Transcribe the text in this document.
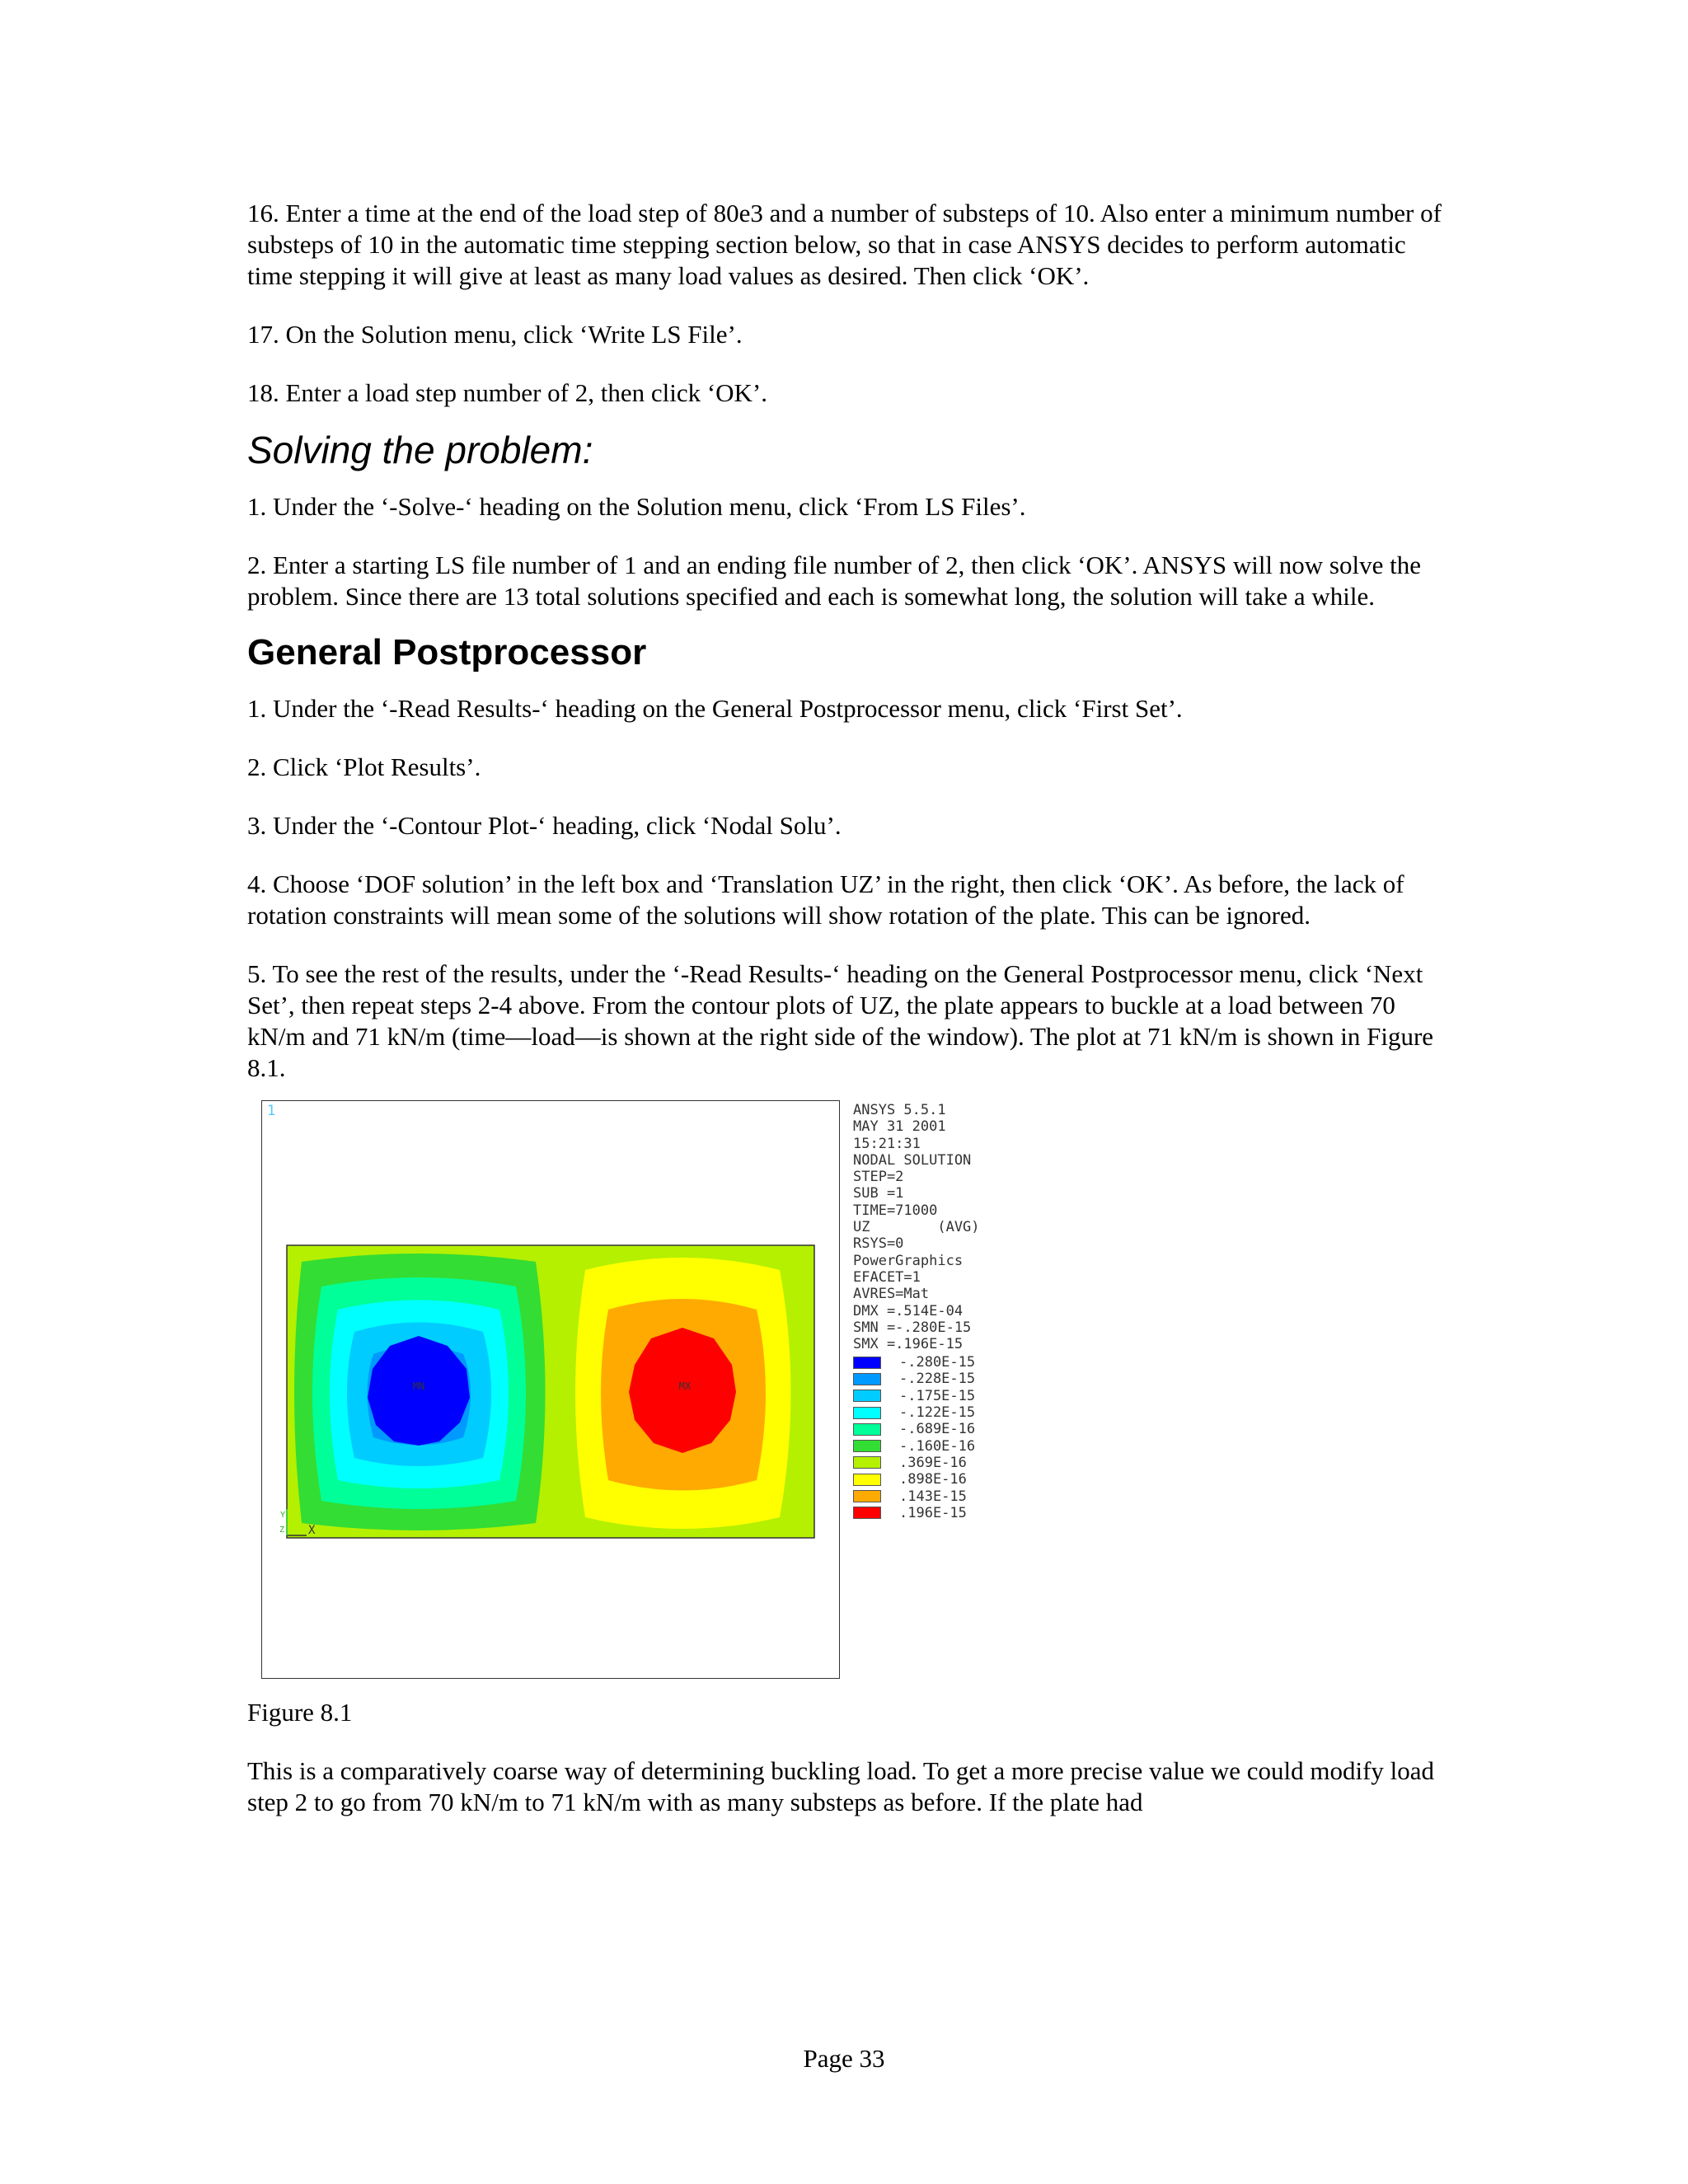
16. Enter a time at the end of the load step of 80e3 and a number of substeps of 10. Also enter a minimum number of substeps of 10 in the automatic time stepping section below, so that in case ANSYS decides to perform automatic time stepping it will give at least as many load values as desired. Then click ‘OK’.

17. On the Solution menu, click ‘Write LS File’.

18. Enter a load step number of 2, then click ‘OK’.

Solving the problem:

1. Under the ‘-Solve-‘ heading on the Solution menu, click ‘From LS Files’.

2. Enter a starting LS file number of 1 and an ending file number of 2, then click ‘OK’. ANSYS will now solve the problem. Since there are 13 total solutions specified and each is somewhat long, the solution will take a while.

General Postprocessor

1. Under the ‘-Read Results-‘ heading on the General Postprocessor menu, click ‘First Set’.

2. Click ‘Plot Results’.

3. Under the ‘-Contour Plot-‘ heading, click ‘Nodal Solu’.

4. Choose ‘DOF solution’ in the left box and ‘Translation UZ’ in the right, then click ‘OK’. As before, the lack of rotation constraints will mean some of the solutions will show rotation of the plate. This can be ignored.

5. To see the rest of the results, under the ‘-Read Results-‘ heading on the General Postprocessor menu, click ‘Next Set’, then repeat steps 2-4 above. From the contour plots of UZ, the plate appears to buckle at a load between 70 kN/m and 71 kN/m (time—load—is shown at the right side of the window). The plot at 71 kN/m is shown in Figure 8.1.

1
MN	MX
X
Y
Z
ANSYS 5.5.1
MAY 31 2001
15:21:31
NODAL SOLUTION
STEP=2
SUB =1
TIME=71000
UZ        (AVG)
RSYS=0
PowerGraphics
EFACET=1
AVRES=Mat
DMX =.514E-04
SMN =-.280E-15
SMX =.196E-15
-.280E-15
-.228E-15
-.175E-15
-.122E-15
-.689E-16
-.160E-16
.369E-16
.898E-16
.143E-15
.196E-15

Figure 8.1

This is a comparatively coarse way of determining buckling load. To get a more precise value we could modify load step 2 to go from 70 kN/m to 71 kN/m with as many substeps as before. If the plate had

Page 33
